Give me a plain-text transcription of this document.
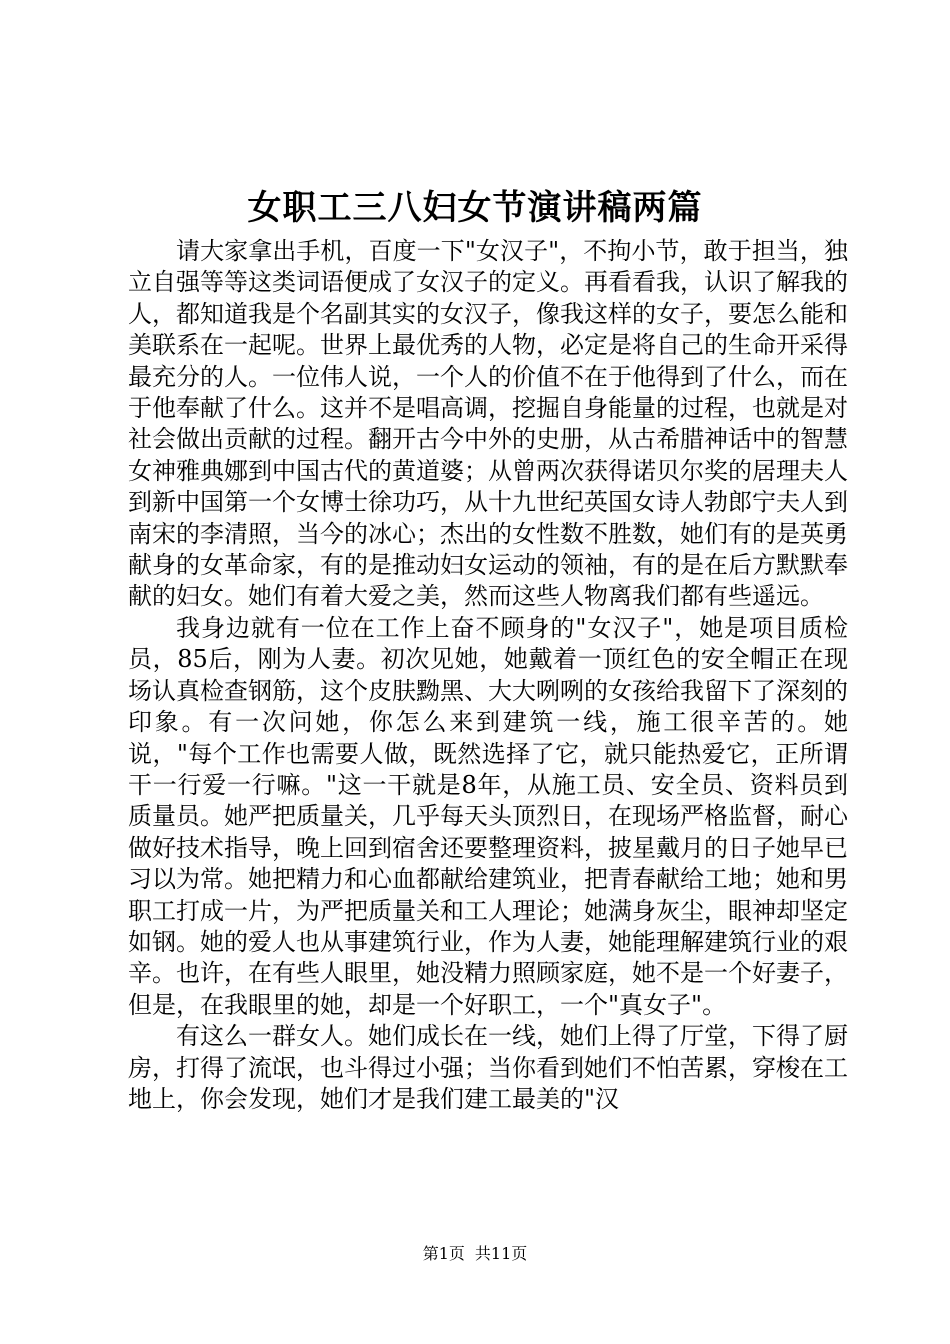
女职工三八妇女节演讲稿两篇

请大家拿出手机，百度一下"女汉子"，不拘小节，敢于担当，独立自强等等这类词语便成了女汉子的定义。再看看我，认识了解我的人，都知道我是个名副其实的女汉子，像我这样的女子，要怎么能和美联系在一起呢。世界上最优秀的人物，必定是将自己的生命开采得最充分的人。一位伟人说，一个人的价值不在于他得到了什么，而在于他奉献了什么。这并不是唱高调，挖掘自身能量的过程，也就是对社会做出贡献的过程。翻开古今中外的史册，从古希腊神话中的智慧女神雅典娜到中国古代的黄道婆；从曾两次获得诺贝尔奖的居理夫人到新中国第一个女博士徐功巧，从十九世纪英国女诗人勃郎宁夫人到南宋的李清照，当今的冰心；杰出的女性数不胜数，她们有的是英勇献身的女革命家，有的是推动妇女运动的领袖，有的是在后方默默奉献的妇女。她们有着大爱之美，然而这些人物离我们都有些遥远。

我身边就有一位在工作上奋不顾身的"女汉子"，她是项目质检员，85后，刚为人妻。初次见她，她戴着一顶红色的安全帽正在现场认真检查钢筋，这个皮肤黝黑、大大咧咧的女孩给我留下了深刻的印象。有一次问她，你怎么来到建筑一线，施工很辛苦的。她说，"每个工作也需要人做，既然选择了它，就只能热爱它，正所谓干一行爱一行嘛。"这一干就是8年，从施工员、安全员、资料员到质量员。她严把质量关，几乎每天头顶烈日，在现场严格监督，耐心做好技术指导，晚上回到宿舍还要整理资料，披星戴月的日子她早已习以为常。她把精力和心血都献给建筑业，把青春献给工地；她和男职工打成一片，为严把质量关和工人理论；她满身灰尘，眼神却坚定如钢。她的爱人也从事建筑行业，作为人妻，她能理解建筑行业的艰辛。也许，在有些人眼里，她没精力照顾家庭，她不是一个好妻子，但是，在我眼里的她，却是一个好职工，一个"真女子"。

有这么一群女人。她们成长在一线，她们上得了厅堂，下得了厨房，打得了流氓，也斗得过小强；当你看到她们不怕苦累，穿梭在工地上，你会发现，她们才是我们建工最美的"汉

第1页 共11页
